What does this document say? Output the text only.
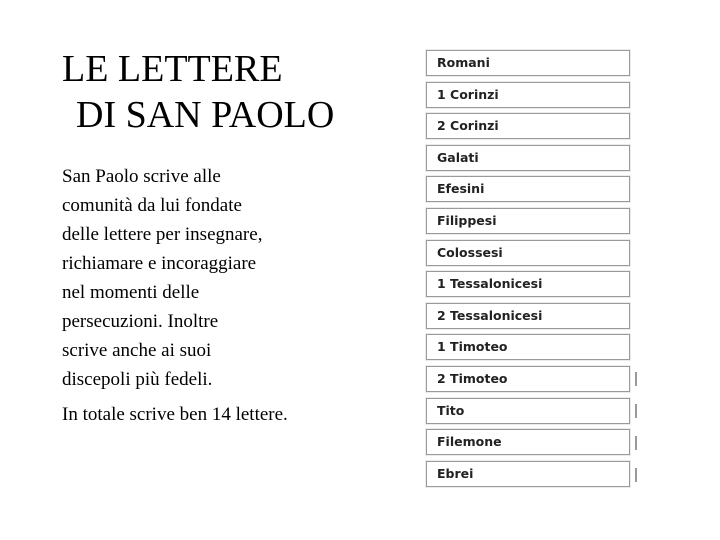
LE LETTERE
DI SAN PAOLO

San Paolo scrive alle
comunità da lui fondate
delle lettere per insegnare,
richiamare e incoraggiare
nel momenti delle
persecuzioni. Inoltre
scrive anche ai suoi
discepoli più fedeli.

In totale scrive ben 14 lettere.

Romani
1 Corinzi
2 Corinzi
Galati
Efesini
Filippesi
Colossesi
1 Tessalonicesi
2 Tessalonicesi
1 Timoteo
2 Timoteo
Tito
Filemone
Ebrei
